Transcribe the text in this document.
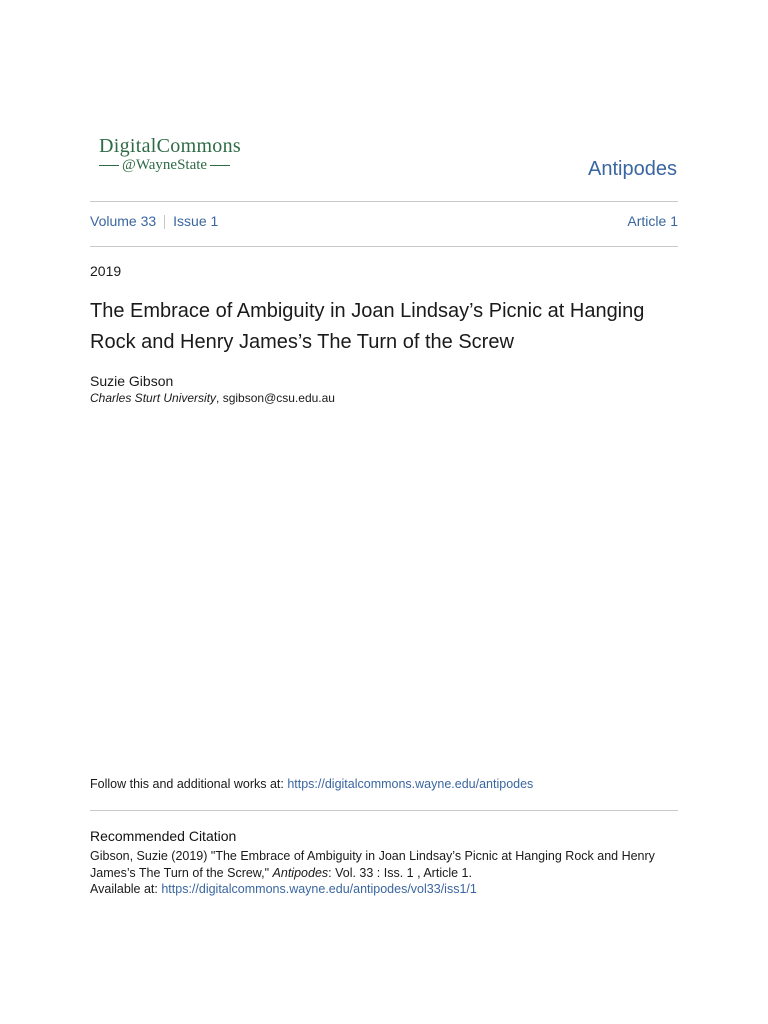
DigitalCommons
@WayneState	Antipodes
Volume 33 Issue 1	Article 1
2019
The Embrace of Ambiguity in Joan Lindsay’s Picnic at Hanging Rock and Henry James’s The Turn of the Screw
Suzie Gibson
Charles Sturt University, sgibson@csu.edu.au
Follow this and additional works at: https://digitalcommons.wayne.edu/antipodes
Recommended Citation
Gibson, Suzie (2019) "The Embrace of Ambiguity in Joan Lindsay’s Picnic at Hanging Rock and Henry James’s The Turn of the Screw," Antipodes: Vol. 33 : Iss. 1 , Article 1.
Available at: https://digitalcommons.wayne.edu/antipodes/vol33/iss1/1
